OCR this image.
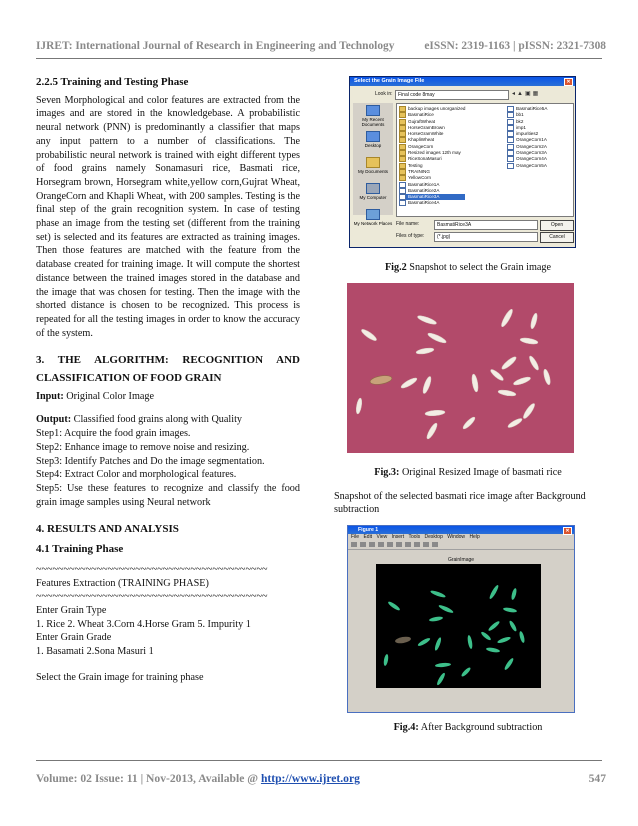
IJRET: International Journal of Research in Engineering and Technology	eISSN: 2319-1163 | pISSN: 2321-7308

2.2.5 Training and Testing Phase

Seven Morphological and color features are extracted from the images and are stored in the knowledgebase. A probabilistic neural network (PNN) is predominantly a classifier that maps any input pattern to a number of classifications. The probabilistic neural network is trained with eight different types of food grains namely Sonamasuri rice, Basmati rice, Horsegram brown, Horsegram white,yellow corn,Gujrat Wheat, OrangeCorn and Khapli Wheat, with 200 samples. Testing is the final step of the grain recognition system. In case of testing phase an image from the testing set (different from the training set) is selected and its features are extracted as training images. Then those features are matched with the feature from the database created for training image. It will compute the shortest distance between the trained images stored in the database and the image that was chosen for testing. Then the image with the shorted distance is chosen to be recognized. This process is repeated for all the testing images in order to know the accuracy of the system.

3. THE ALGORITHM: RECOGNITION AND

CLASSIFICATION OF FOOD GRAIN

Input: Original Color Image

Output: Classified food grains along with Quality

Step1: Acquire the food grain images.

Step2: Enhance image to remove noise and resizing.

Step3: Identify Patches and Do the image segmentation.

Step4: Extract Color and morphological features.

Step5: Use these features to recognize and classify the food grain image samples using Neural network

4. RESULTS AND ANALYSIS

4.1 Training Phase

~~~~~~~~~~~~~~~~~~~~~~~~~~~~~~~~~~~~~~~~~~

Features Extraction (TRAINING PHASE)

~~~~~~~~~~~~~~~~~~~~~~~~~~~~~~~~~~~~~~~~~~

Enter Grain Type

1. Rice 2. Wheat 3.Corn 4.Horse Gram 5. Impurity 1

Enter Grain Grade

1. Basamati 2.Sona Masuri 1

Select the Grain image for training phase

Select the Grain Image File	✕
Look in:	Final code 8may	◂▲▣▦
My Recent Documents
Desktop
My Documents
My Computer
My Network Places
backup images unorganized
BasmatiRice
GujraftWheat
HorseGramBrown
HorseGramWhite
KhapliWheat
OrangeCorn
Resized images 12th may
RiceSonaMasuri
Testing
TRAINING
YellowCorn
BasmatiRice1A
BasmatiRice2A
BasmatiRice3A
BasmatiRice4A
BasmatiRice5A
bb1
bk2
imp1
impurities2
OrangeCorn1A
OrangeCorn2A
OrangeCorn3A
OrangeCorn4A
OrangeCorn5A
File name:	BasmatiRice3A
Files of type:	(*.jpg)
Open
Cancel
Fig.2 Snapshot to select the Grain image
Fig.3: Original Resized Image of basmati rice
Snapshot of the selected basmati rice image after Background subtraction
Figure 1	✕
File Edit View Insert Tools Desktop Window Help
GrainImage
Fig.4: After Background subtraction
Volume: 02 Issue: 11 | Nov-2013, Available @ http://www.ijret.org	547
